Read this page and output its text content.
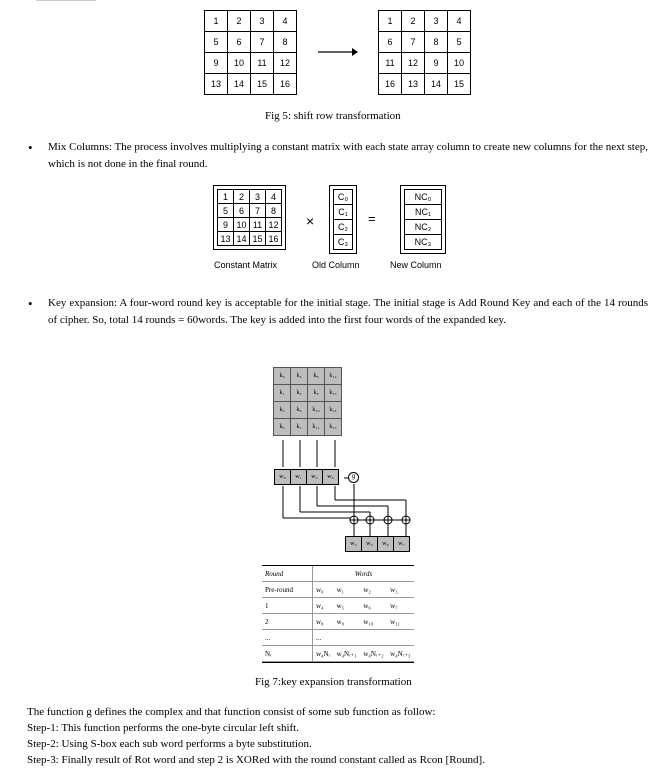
1	2	3	4
5	6	7	8
9	10	11	12
13	14	15	16
1	2	3	4
6	7	8	5
11	12	9	10
16	13	14	15
Fig 5: shift row transformation
• Mix Columns: The process involves multiplying a constant matrix with each state array column to create new columns for the next step, which is not done in the final round.
1	2	3	4
5	6	7	8
9	10	11	12
13	14	15	16
×
C₀
C₁
C₂
C₃
=
NC₀
NC₁
NC₂
NC₃
Constant Matrix	Old Column	New Column
• Key expansion: A four-word round key is acceptable for the initial stage. The initial stage is Add Round Key and each of the 14 rounds of cipher. So, total 14 rounds = 60words. The key is added into the first four words of the expanded key.
k₀	k₄	k₈	k₁₂
k₁	k₅	k₉	k₁₃
k₂	k₆	k₁₀	k₁₄
k₃	k₇	k₁₁	k₁₅
w₀	w₁	w₂	w₃	g
w₄	w₅	w₆	w₇
Round	Words			
Pre-round	w₀	w₁	w₂	w₃
1	w₄	w₅	w₆	w₇
2	w₈	w₉	w₁₀	w₁₁
...	...			
Nᵣ	w₄Nᵣ	w₄Nᵣ₊₁	w₄Nᵣ₊₂	w₄Nᵣ₊₃
Fig 7:key expansion transformation
The function g defines the complex and that function consist of some sub function as follow:
Step-1: This function performs the one-byte circular left shift.
Step-2: Using S-box each sub word performs a byte substitution.
Step-3: Finally result of Rot word and step 2 is XORed with the round constant called as Rcon [Round].
